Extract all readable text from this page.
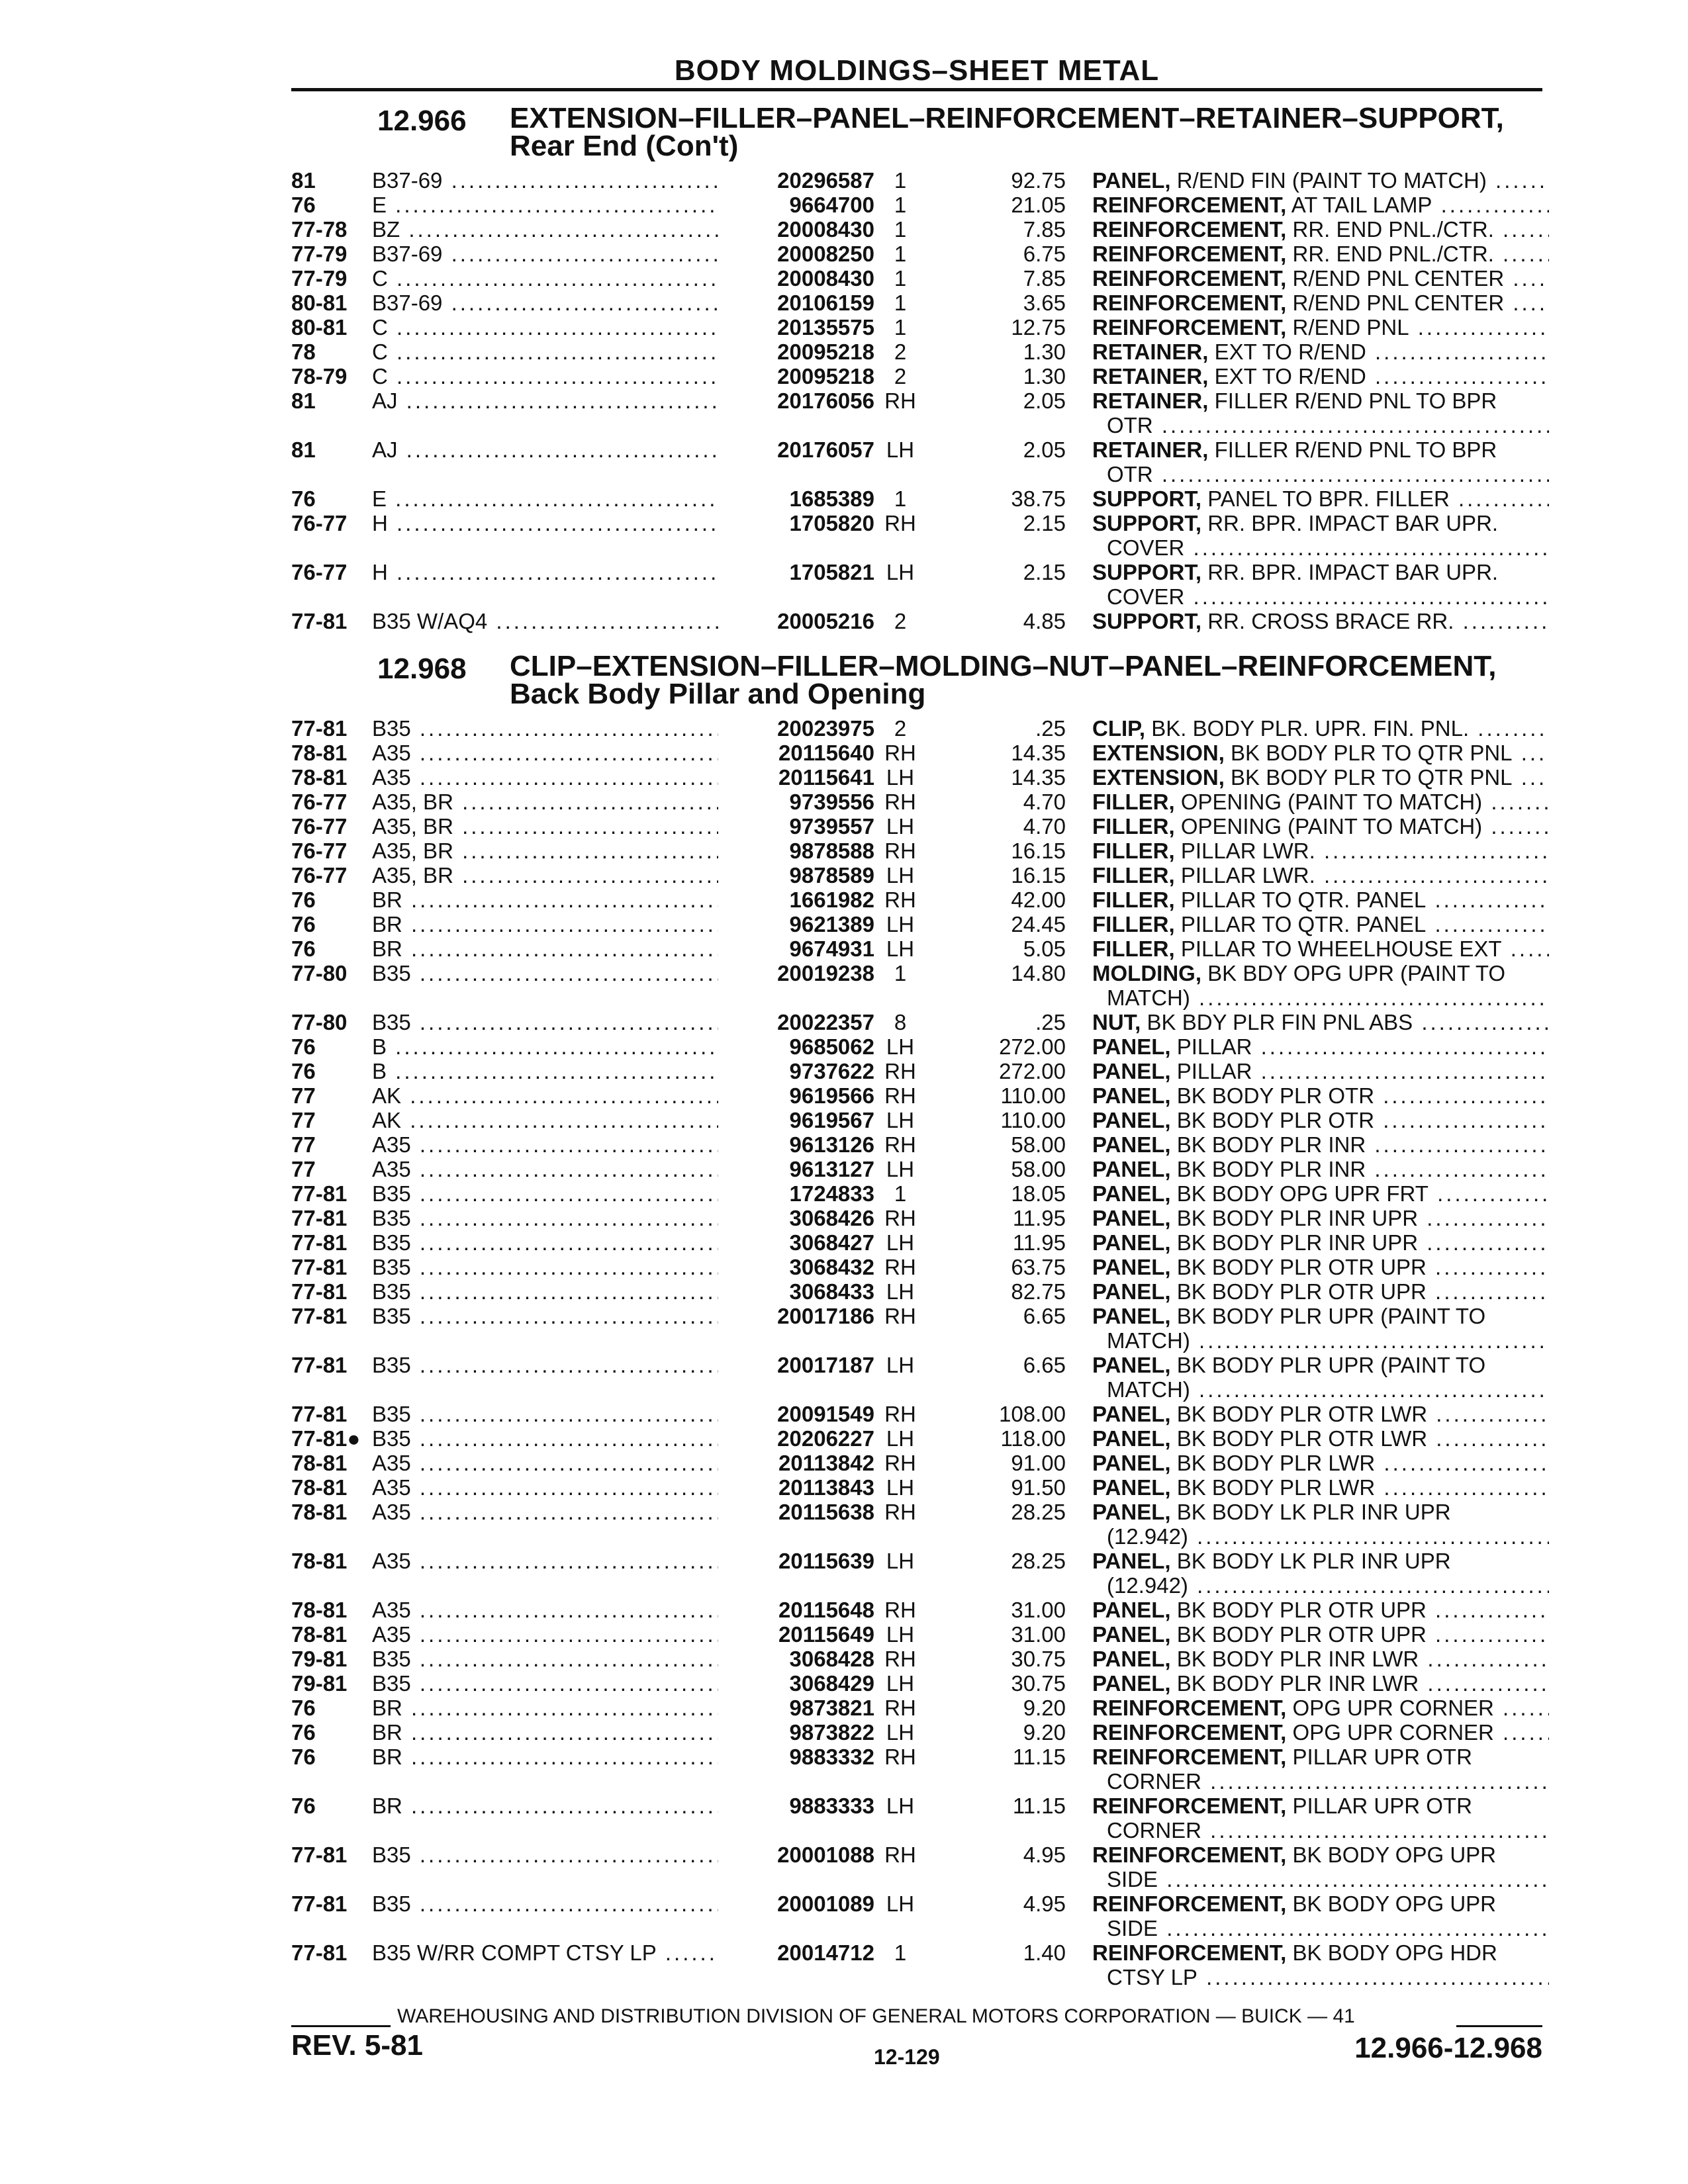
BODY MOLDINGS–SHEET METAL
12.966 EXTENSION–FILLER–PANEL–REINFORCEMENT–RETAINER–SUPPORT,
Rear End (Con't)
81	B37-69 .....	20296587 1	92.75 PANEL, R/END FIN (PAINT TO MATCH) .....
76	E .....	9664700 1	21.05 REINFORCEMENT, AT TAIL LAMP .....
77-78	BZ .....	20008430 1	7.85 REINFORCEMENT, RR. END PNL./CTR. .....
77-79	B37-69 .....	20008250 1	6.75 REINFORCEMENT, RR. END PNL./CTR. .....
77-79	C .....	20008430 1	7.85 REINFORCEMENT, R/END PNL CENTER .....
80-81	B37-69 .....	20106159 1	3.65 REINFORCEMENT, R/END PNL CENTER .....
80-81	C .....	20135575 1	12.75 REINFORCEMENT, R/END PNL .....
78	C .....	20095218 2	1.30 RETAINER, EXT TO R/END .....
78-79	C .....	20095218 2	1.30 RETAINER, EXT TO R/END .....
81	AJ .....	20176056 RH	2.05 RETAINER, FILLER R/END PNL TO BPR
OTR .....
81	AJ .....	20176057 LH	2.05 RETAINER, FILLER R/END PNL TO BPR
OTR .....
76	E .....	1685389 1	38.75 SUPPORT, PANEL TO BPR. FILLER .....
76-77	H .....	1705820 RH	2.15 SUPPORT, RR. BPR. IMPACT BAR UPR.
COVER .....
76-77	H .....	1705821 LH	2.15 SUPPORT, RR. BPR. IMPACT BAR UPR.
COVER .....
77-81	B35 W/AQ4 .....	20005216 2	4.85 SUPPORT, RR. CROSS BRACE RR. .....
12.968 CLIP–EXTENSION–FILLER–MOLDING–NUT–PANEL–REINFORCEMENT,
Back Body Pillar and Opening
77-81	B35 .....	20023975 2	.25 CLIP, BK. BODY PLR. UPR. FIN. PNL. .....
78-81	A35 .....	20115640 RH	14.35 EXTENSION, BK BODY PLR TO QTR PNL .....
78-81	A35 .....	20115641 LH	14.35 EXTENSION, BK BODY PLR TO QTR PNL .....
76-77	A35, BR .....	9739556 RH	4.70 FILLER, OPENING (PAINT TO MATCH) .....
76-77	A35, BR .....	9739557 LH	4.70 FILLER, OPENING (PAINT TO MATCH) .....
76-77	A35, BR .....	9878588 RH	16.15 FILLER, PILLAR LWR. .....
76-77	A35, BR .....	9878589 LH	16.15 FILLER, PILLAR LWR. .....
76	BR .....	1661982 RH	42.00 FILLER, PILLAR TO QTR. PANEL .....
76	BR .....	9621389 LH	24.45 FILLER, PILLAR TO QTR. PANEL .....
76	BR .....	9674931 LH	5.05 FILLER, PILLAR TO WHEELHOUSE EXT .....
77-80	B35 .....	20019238 1	14.80 MOLDING, BK BDY OPG UPR (PAINT TO
MATCH) .....
77-80	B35 .....	20022357 8	.25 NUT, BK BDY PLR FIN PNL ABS .....
76	B .....	9685062 LH	272.00 PANEL, PILLAR .....
76	B .....	9737622 RH	272.00 PANEL, PILLAR .....
77	AK .....	9619566 RH	110.00 PANEL, BK BODY PLR OTR .....
77	AK .....	9619567 LH	110.00 PANEL, BK BODY PLR OTR .....
77	A35 .....	9613126 RH	58.00 PANEL, BK BODY PLR INR .....
77	A35 .....	9613127 LH	58.00 PANEL, BK BODY PLR INR .....
77-81	B35 .....	1724833 1	18.05 PANEL, BK BODY OPG UPR FRT .....
77-81	B35 .....	3068426 RH	11.95 PANEL, BK BODY PLR INR UPR .....
77-81	B35 .....	3068427 LH	11.95 PANEL, BK BODY PLR INR UPR .....
77-81	B35 .....	3068432 RH	63.75 PANEL, BK BODY PLR OTR UPR .....
77-81	B35 .....	3068433 LH	82.75 PANEL, BK BODY PLR OTR UPR .....
77-81	B35 .....	20017186 RH	6.65 PANEL, BK BODY PLR UPR (PAINT TO
MATCH) .....
77-81	B35 .....	20017187 LH	6.65 PANEL, BK BODY PLR UPR (PAINT TO
MATCH) .....
77-81	B35 .....	20091549 RH	108.00 PANEL, BK BODY PLR OTR LWR .....
77-81● B35 .....	20206227 LH	118.00 PANEL, BK BODY PLR OTR LWR .....
78-81	A35 .....	20113842 RH	91.00 PANEL, BK BODY PLR LWR .....
78-81	A35 .....	20113843 LH	91.50 PANEL, BK BODY PLR LWR .....
78-81	A35 .....	20115638 RH	28.25 PANEL, BK BODY LK PLR INR UPR
(12.942) .....
78-81	A35 .....	20115639 LH	28.25 PANEL, BK BODY LK PLR INR UPR
(12.942) .....
78-81	A35 .....	20115648 RH	31.00 PANEL, BK BODY PLR OTR UPR .....
78-81	A35 .....	20115649 LH	31.00 PANEL, BK BODY PLR OTR UPR .....
79-81	B35 .....	3068428 RH	30.75 PANEL, BK BODY PLR INR LWR .....
79-81	B35 .....	3068429 LH	30.75 PANEL, BK BODY PLR INR LWR .....
76	BR .....	9873821 RH	9.20 REINFORCEMENT, OPG UPR CORNER .....
76	BR .....	9873822 LH	9.20 REINFORCEMENT, OPG UPR CORNER .....
76	BR .....	9883332 RH	11.15 REINFORCEMENT, PILLAR UPR OTR
CORNER .....
76	BR .....	9883333 LH	11.15 REINFORCEMENT, PILLAR UPR OTR
CORNER .....
77-81	B35 .....	20001088 RH	4.95 REINFORCEMENT, BK BODY OPG UPR
SIDE .....
77-81	B35 .....	20001089 LH	4.95 REINFORCEMENT, BK BODY OPG UPR
SIDE .....
77-81	B35 W/RR COMPT CTSY LP .....	20014712 1	1.40 REINFORCEMENT, BK BODY OPG HDR
CTSY LP .....
WAREHOUSING AND DISTRIBUTION DIVISION OF GENERAL MOTORS CORPORATION — BUICK — 41
REV. 5-81	12-129	12.966-12.968
